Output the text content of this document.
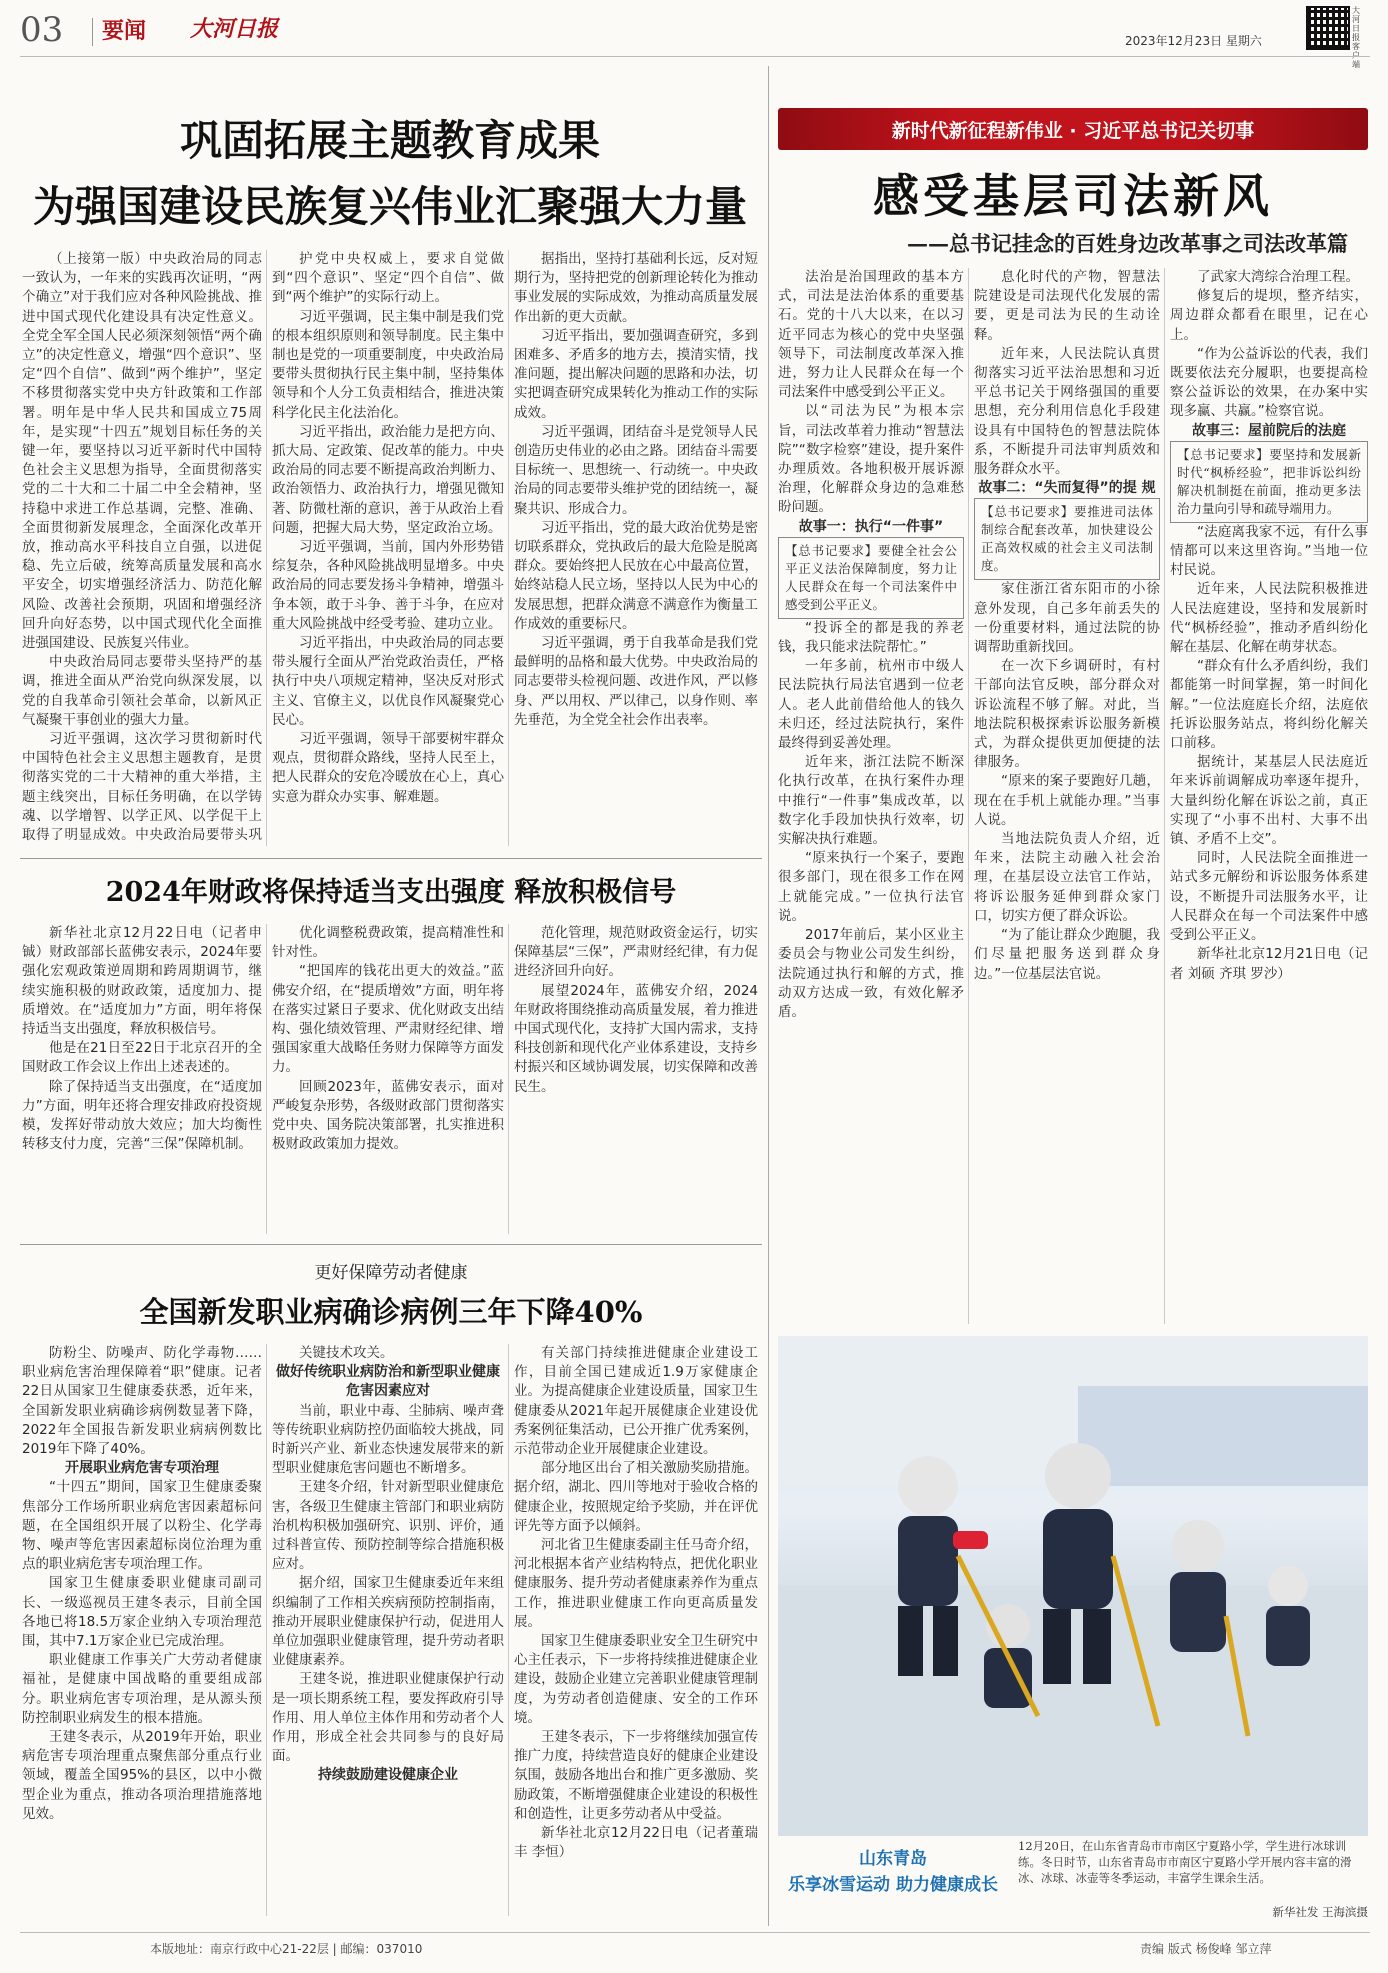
03 要闻 大河日报	2023年12月23日 星期六
大河日报客 端
巩固拓展主题教育成果
为强国建设民族复兴伟业汇聚强大力量

（上接第一版）中央政治局的同志一致认为，一年来的实践再次证明，“两个确立”对于我们应对各种风险挑战、推进中国式现代化建设具有决定性意义。全党全军全国人民必须深刻领悟“两个确立”的决定性意义，增强“四个意识”、坚定“四个自信”、做到“两个维护”，坚定不移贯彻落实党中央方针政策和工作部署。明年是中华人民共和国成立75周年，是实现“十四五”规划目标任务的关键一年，要坚持以习近平新时代中国特色社会主义思想为指导，全面贯彻落实党的二十大和二十届二中全会精神，坚持稳中求进工作总基调，完整、准确、全面贯彻新发展理念，全面深化改革开放，推动高水平科技自立自强，以进促稳、先立后破，统筹高质量发展和高水平安全，切实增强经济活力、防范化解风险、改善社会预期，巩固和增强经济回升向好态势，以中国式现代化全面推进强国建设、民族复兴伟业。

中央政治局同志要带头坚持严的基调，推进全面从严治党向纵深发展，以党的自我革命引领社会革命，以新风正气凝聚干事创业的强大力量。

习近平强调，这次学习贯彻新时代中国特色社会主义思想主题教育，是贯彻落实党的二十大精神的重大举措，主题主线突出，目标任务明确，在以学铸魂、以学增智、以学正风、以学促干上取得了明显成效。中央政治局要带头巩

护党中央权威上，要求自觉做到“四个意识”、坚定“四个自信”、做到“两个维护”的实际行动上。

习近平强调，民主集中制是我们党的根本组织原则和领导制度。民主集中制也是党的一项重要制度，中央政治局要带头贯彻执行民主集中制，坚持集体领导和个人分工负责相结合，推进决策科学化民主化法治化。

习近平指出，政治能力是把方向、抓大局、定政策、促改革的能力。中央政治局的同志要不断提高政治判断力、政治领悟力、政治执行力，增强见微知著、防微杜渐的意识，善于从政治上看问题，把握大局大势，坚定政治立场。

习近平强调，当前，国内外形势错综复杂，各种风险挑战明显增多。中央政治局的同志要发扬斗争精神，增强斗争本领，敢于斗争、善于斗争，在应对重大风险挑战中经受考验、建功立业。

习近平指出，中央政治局的同志要带头履行全面从严治党政治责任，严格执行中央八项规定精神，坚决反对形式主义、官僚主义，以优良作风凝聚党心民心。

习近平强调，领导干部要树牢群众观点，贯彻群众路线，坚持人民至上，把人民群众的安危冷暖放在心上，真心实意为群众办实事、解难题。

据指出，坚持打基础利长远，反对短期行为，坚持把党的创新理论转化为推动事业发展的实际成效，为推动高质量发展作出新的更大贡献。

习近平指出，要加强调查研究，多到困难多、矛盾多的地方去，摸清实情，找准问题，提出解决问题的思路和办法，切实把调查研究成果转化为推动工作的实际成效。

习近平强调，团结奋斗是党领导人民创造历史伟业的必由之路。团结奋斗需要目标统一、思想统一、行动统一。中央政治局的同志要带头维护党的团结统一，凝聚共识、形成合力。

习近平指出，党的最大政治优势是密切联系群众，党执政后的最大危险是脱离群众。要始终把人民放在心中最高位置，始终站稳人民立场，坚持以人民为中心的发展思想，把群众满意不满意作为衡量工作成效的重要标尺。

习近平强调，勇于自我革命是我们党最鲜明的品格和最大优势。中央政治局的同志要带头检视问题、改进作风，严以修身、严以用权、严以律己，以身作则、率先垂范，为全党全社会作出表率。

2024年财政将保持适当支出强度 释放积极信号

新华社北京12月22日电（记者申铖）财政部部长蓝佛安表示，2024年要强化宏观政策逆周期和跨周期调节，继续实施积极的财政政策，适度加力、提质增效。在“适度加力”方面，明年将保持适当支出强度，释放积极信号。

他是在21日至22日于北京召开的全国财政工作会议上作出上述表述的。

除了保持适当支出强度，在“适度加力”方面，明年还将合理安排政府投资规模，发挥好带动放大效应；加大均衡性转移支付力度，完善“三保”保障机制。

优化调整税费政策，提高精准性和针对性。

“把国库的钱花出更大的效益。”蓝佛安介绍，在“提质增效”方面，明年将在落实过紧日子要求、优化财政支出结构、强化绩效管理、严肃财经纪律、增强国家重大战略任务财力保障等方面发力。

回顾2023年，蓝佛安表示，面对严峻复杂形势，各级财政部门贯彻落实党中央、国务院决策部署，扎实推进积极财政政策加力提效。

范化管理，规范财政资金运行，切实保障基层“三保”，严肃财经纪律，有力促进经济回升向好。

展望2024年，蓝佛安介绍，2024年财政将围绕推动高质量发展，着力推进中国式现代化，支持扩大国内需求，支持科技创新和现代化产业体系建设，支持乡村振兴和区域协调发展，切实保障和改善民生。

更好保障劳动者健康
全国新发职业病确诊病例三年下降40%

防粉尘、防噪声、防化学毒物……职业病危害治理保障着“职”健康。记者22日从国家卫生健康委获悉，近年来，全国新发职业病确诊病例数显著下降，2022年全国报告新发职业病病例数比2019年下降了40%。

开展职业病危害专项治理

“十四五”期间，国家卫生健康委聚焦部分工作场所职业病危害因素超标问题，在全国组织开展了以粉尘、化学毒物、噪声等危害因素超标岗位治理为重点的职业病危害专项治理工作。

国家卫生健康委职业健康司副司长、一级巡视员王建冬表示，目前全国各地已将18.5万家企业纳入专项治理范围，其中7.1万家企业已完成治理。

职业健康工作事关广大劳动者健康福祉，是健康中国战略的重要组成部分。职业病危害专项治理，是从源头预防控制职业病发生的根本措施。

王建冬表示，从2019年开始，职业病危害专项治理重点聚焦部分重点行业领域，覆盖全国95%的县区，以中小微型企业为重点，推动各项治理措施落地见效。

关键技术攻关。

做好传统职业病防治和新型职业健康危害因素应对

当前，职业中毒、尘肺病、噪声聋等传统职业病防控仍面临较大挑战，同时新兴产业、新业态快速发展带来的新型职业健康危害问题也不断增多。

王建冬介绍，针对新型职业健康危害，各级卫生健康主管部门和职业病防治机构积极加强研究、识别、评价，通过科普宣传、预防控制等综合措施积极应对。

据介绍，国家卫生健康委近年来组织编制了工作相关疾病预防控制指南，推动开展职业健康保护行动，促进用人单位加强职业健康管理，提升劳动者职业健康素养。

王建冬说，推进职业健康保护行动是一项长期系统工程，要发挥政府引导作用、用人单位主体作用和劳动者个人作用，形成全社会共同参与的良好局面。

持续鼓励建设健康企业

有关部门持续推进健康企业建设工作，目前全国已建成近1.9万家健康企业。为提高健康企业建设质量，国家卫生健康委从2021年起开展健康企业建设优秀案例征集活动，已公开推广优秀案例，示范带动企业开展健康企业建设。

部分地区出台了相关激励奖励措施。据介绍，湖北、四川等地对于验收合格的健康企业，按照规定给予奖励，并在评优评先等方面予以倾斜。

河北省卫生健康委副主任马奇介绍，河北根据本省产业结构特点，把优化职业健康服务、提升劳动者健康素养作为重点工作，推进职业健康工作向更高质量发展。

国家卫生健康委职业安全卫生研究中心主任表示，下一步将持续推进健康企业建设，鼓励企业建立完善职业健康管理制度，为劳动者创造健康、安全的工作环境。

王建冬表示，下一步将继续加强宣传推广力度，持续营造良好的健康企业建设氛围，鼓励各地出台和推广更多激励、奖励政策，不断增强健康企业建设的积极性和创造性，让更多劳动者从中受益。

新华社北京12月22日电（记者董瑞丰 李恒）

新时代新征程新伟业 · 习近平总书记关切事
感受基层司法新风
——总书记挂念的百姓身边改革事之司法改革篇

法治是治国理政的基本方式，司法是法治体系的重要基石。党的十八大以来，在以习近平同志为核心的党中央坚强领导下，司法制度改革深入推进，努力让人民群众在每一个司法案件中感受到公平正义。

以“司法为民”为根本宗旨，司法改革着力推动“智慧法院”“数字检察”建设，提升案件办理质效。各地积极开展诉源治理，化解群众身边的急难愁盼问题。

故事一：执行“一件事”

【总书记要求】要健全社会公平正义法治保障制度，努力让人民群众在每一个司法案件中感受到公平正义。

“投诉全的都是我的养老钱，我只能求法院帮忙。”

一年多前，杭州市中级人民法院执行局法官遇到一位老人。老人此前借给他人的钱久未归还，经过法院执行，案件最终得到妥善处理。

近年来，浙江法院不断深化执行改革，在执行案件办理中推行“一件事”集成改革，以数字化手段加快执行效率，切实解决执行难题。

“原来执行一个案子，要跑很多部门，现在很多工作在网上就能完成。”一位执行法官说。

2017年前后，某小区业主委员会与物业公司发生纠纷，法院通过执行和解的方式，推动双方达成一致，有效化解矛盾。

息化时代的产物，智慧法院建设是司法现代化发展的需要，更是司法为民的生动诠释。

近年来，人民法院认真贯彻落实习近平法治思想和习近平总书记关于网络强国的重要思想，充分利用信息化手段建设具有中国特色的智慧法院体系，不断提升司法审判质效和服务群众水平。

故事二：“失而复得”的提 规

【总书记要求】要推进司法体制综合配套改革，加快建设公正高效权威的社会主义司法制度。

家住浙江省东阳市的小徐意外发现，自己多年前丢失的一份重要材料，通过法院的协调帮助重新找回。

在一次下乡调研时，有村干部向法官反映，部分群众对诉讼流程不够了解。对此，当地法院积极探索诉讼服务新模式，为群众提供更加便捷的法律服务。

“原来的案子要跑好几趟，现在在手机上就能办理。”当事人说。

当地法院负责人介绍，近年来，法院主动融入社会治理，在基层设立法官工作站，将诉讼服务延伸到群众家门口，切实方便了群众诉讼。

“为了能让群众少跑腿，我们尽量把服务送到群众身边。”一位基层法官说。

了武家大湾综合治理工程。

修复后的堤坝，整齐结实，周边群众都看在眼里，记在心上。

“作为公益诉讼的代表，我们既要依法充分履职，也要提高检察公益诉讼的效果，在办案中实现多赢、共赢。”检察官说。

故事三：屋前院后的法庭

【总书记要求】要坚持和发展新时代“枫桥经验”，把非诉讼纠纷解决机制挺在前面，推动更多法治力量向引导和疏导端用力。

“法庭离我家不远，有什么事情都可以来这里咨询。”当地一位村民说。

近年来，人民法院积极推进人民法庭建设，坚持和发展新时代“枫桥经验”，推动矛盾纠纷化解在基层、化解在萌芽状态。

“群众有什么矛盾纠纷，我们都能第一时间掌握，第一时间化解。”一位法庭庭长介绍，法庭依托诉讼服务站点，将纠纷化解关口前移。

据统计，某基层人民法庭近年来诉前调解成功率逐年提升，大量纠纷化解在诉讼之前，真正实现了“小事不出村、大事不出镇、矛盾不上交”。

同时，人民法院全面推进一站式多元解纷和诉讼服务体系建设，不断提升司法服务水平，让人民群众在每一个司法案件中感受到公平正义。

新华社北京12月21日电（记者 刘硕 齐琪 罗沙）

山东青岛
乐享冰雪运动 助力健康成长
12月20日，在山东省青岛市市南区宁夏路小学，学生进行冰球训练。冬日时节，山东省青岛市市南区宁夏路小学开展内容丰富的滑冰、冰球、冰壶等冬季运动，丰富学生课余生活。
新华社发 王海滨摄
本版地址：南京行政中心21-22层 | 邮编：037010	责编 版式 杨俊峰 邹立萍
